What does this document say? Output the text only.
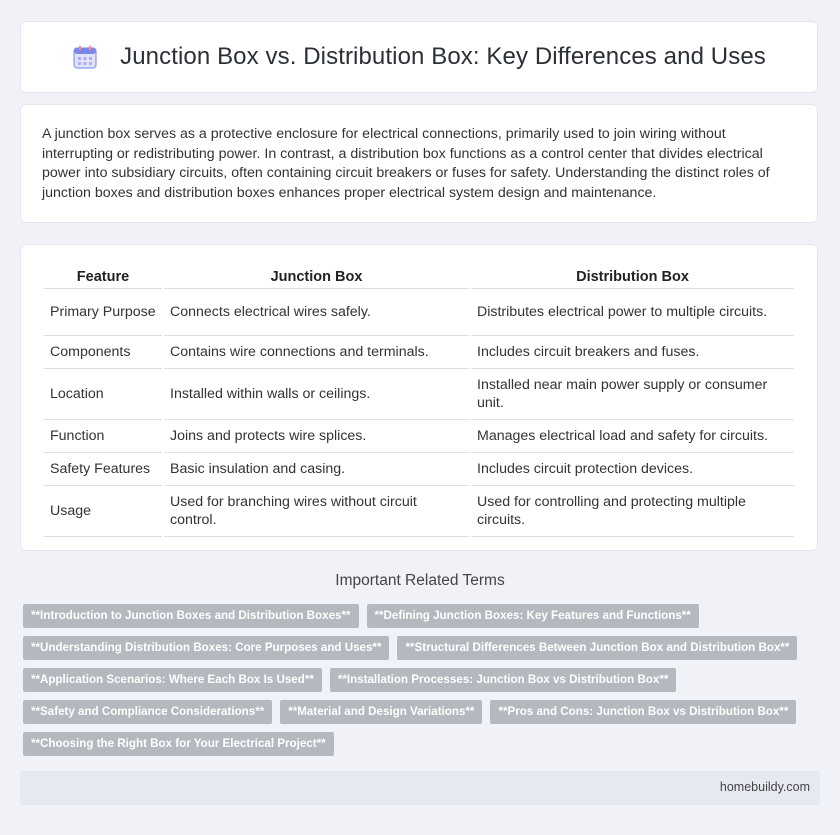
Junction Box vs. Distribution Box: Key Differences and Uses

A junction box serves as a protective enclosure for electrical connections, primarily used to join wiring without interrupting or redistributing power. In contrast, a distribution box functions as a control center that divides electrical power into subsidiary circuits, often containing circuit breakers or fuses for safety. Understanding the distinct roles of junction boxes and distribution boxes enhances proper electrical system design and maintenance.

Feature	Junction Box	Distribution Box
Primary Purpose	Connects electrical wires safely.	Distributes electrical power to multiple circuits.
Components	Contains wire connections and terminals.	Includes circuit breakers and fuses.
Location	Installed within walls or ceilings.	Installed near main power supply or consumer unit.
Function	Joins and protects wire splices.	Manages electrical load and safety for circuits.
Safety Features	Basic insulation and casing.	Includes circuit protection devices.
Usage	Used for branching wires without circuit control.	Used for controlling and protecting multiple circuits.
Important Related Terms
**Introduction to Junction Boxes and Distribution Boxes**	**Defining Junction Boxes: Key Features and Functions**
**Understanding Distribution Boxes: Core Purposes and Uses**	**Structural Differences Between Junction Box and Distribution Box**
**Application Scenarios: Where Each Box Is Used**	**Installation Processes: Junction Box vs Distribution Box**
**Safety and Compliance Considerations**	**Material and Design Variations**	**Pros and Cons: Junction Box vs Distribution Box**
**Choosing the Right Box for Your Electrical Project**
homebuildy.com
